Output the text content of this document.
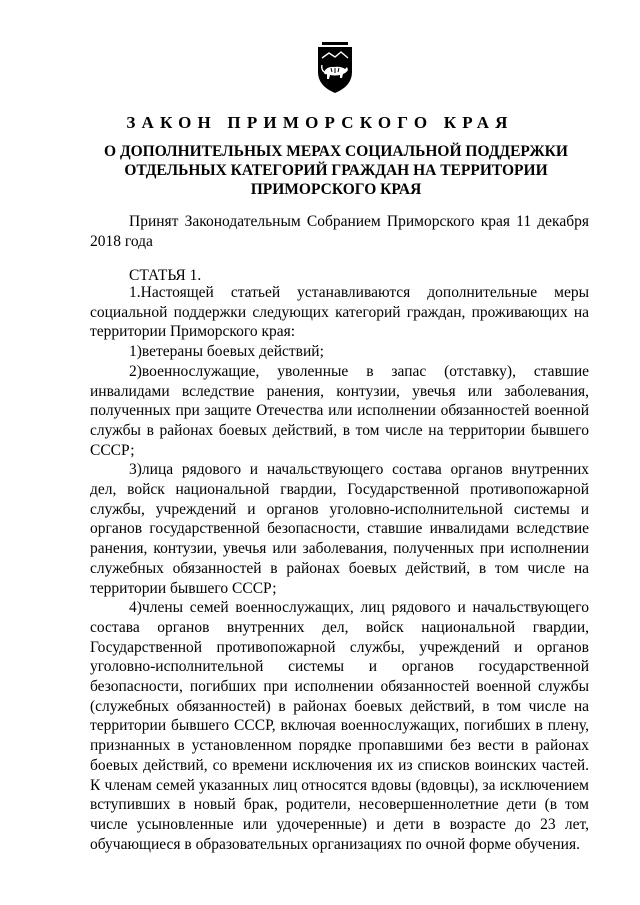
ЗАКОН ПРИМОРСКОГО КРАЯ
О ДОПОЛНИТЕЛЬНЫХ МЕРАХ СОЦИАЛЬНОЙ ПОДДЕРЖКИ ОТДЕЛЬНЫХ КАТЕГОРИЙ ГРАЖДАН НА ТЕРРИТОРИИ ПРИМОРСКОГО КРАЯ
Принят Законодательным Собранием Приморского края 11 декабря 2018 года

СТАТЬЯ 1.

1.Настоящей статьей устанавливаются дополнительные меры социальной поддержки следующих категорий граждан, проживающих на территории Приморского края:

1)ветераны боевых действий;

2)военнослужащие, уволенные в запас (отставку), ставшие инвалидами вследствие ранения, контузии, увечья или заболевания, полученных при защите Отечества или исполнении обязанностей военной службы в районах боевых действий, в том числе на территории бывшего СССР;

3)лица рядового и начальствующего состава органов внутренних дел, войск национальной гвардии, Государственной противопожарной службы, учреждений и органов уголовно-исполнительной системы и органов государственной безопасности, ставшие инвалидами вследствие ранения, контузии, увечья или заболевания, полученных при исполнении служебных обязанностей в районах боевых действий, в том числе на территории бывшего СССР;

4)члены семей военнослужащих, лиц рядового и начальствующего состава органов внутренних дел, войск национальной гвардии, Государственной противопожарной службы, учреждений и органов уголовно-исполнительной системы и органов государственной безопасности, погибших при исполнении обязанностей военной службы (служебных обязанностей) в районах боевых действий, в том числе на территории бывшего СССР, включая военнослужащих, погибших в плену, признанных в установленном порядке пропавшими без вести в районах боевых действий, со времени исключения их из списков воинских частей. К членам семей указанных лиц относятся вдовы (вдовцы), за исключением вступивших в новый брак, родители, несовершеннолетние дети (в том числе усыновленные или удочеренные) и дети в возрасте до 23 лет, обучающиеся в образовательных организациях по очной форме обучения.
